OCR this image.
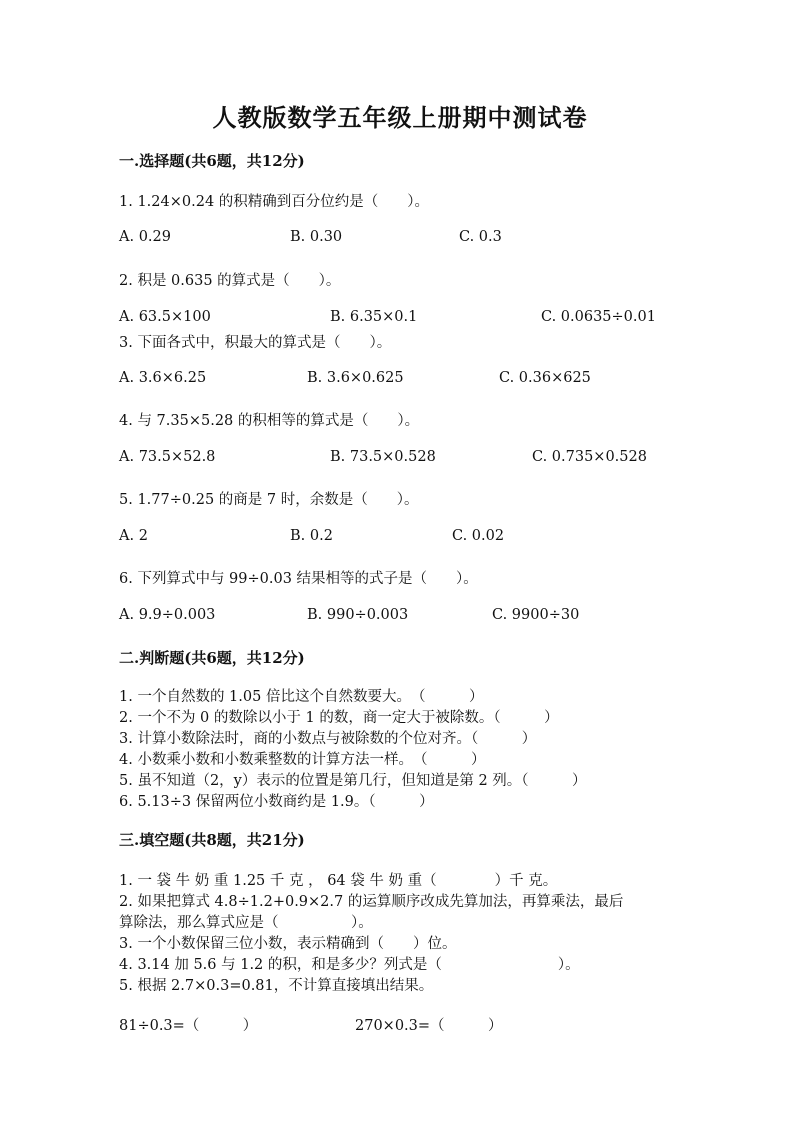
人教版数学五年级上册期中测试卷
一.选择题(共6题，共12分)
1. 1.24×0.24 的积精确到百分位约是（　　）。
A. 0.29	B. 0.30	C. 0.3
2. 积是 0.635 的算式是（　　）。
A. 63.5×100	B. 6.35×0.1	C. 0.0635÷0.01
3. 下面各式中，积最大的算式是（　　）。
A. 3.6×6.25	B. 3.6×0.625	C. 0.36×625
4. 与 7.35×5.28 的积相等的算式是（　　）。
A. 73.5×52.8	B. 73.5×0.528	C. 0.735×0.528
5. 1.77÷0.25 的商是 7 时，余数是（　　）。
A. 2	B. 0.2	C. 0.02
6. 下列算式中与 99÷0.03 结果相等的式子是（　　）。
A. 9.9÷0.003	B. 990÷0.003	C. 9900÷30
二.判断题(共6题，共12分)
1. 一个自然数的 1.05 倍比这个自然数要大。　（　　　）
2. 一个不为 0 的数除以小于 1 的数，商一定大于被除数。（　　　）
3. 计算小数除法时，商的小数点与被除数的个位对齐。（　　　）
4. 小数乘小数和小数乘整数的计算方法一样。　（　　　）
5. 虽不知道（2，y）表示的位置是第几行，但知道是第 2 列。（　　　）
6. 5.13÷3 保留两位小数商约是 1.9。（　　　）
三.填空题(共8题，共21分)
1. 一 袋 牛 奶 重 1.25 千 克 ， 64 袋 牛 奶 重（　　　　）千 克。
2. 如果把算式 4.8÷1.2+0.9×2.7 的运算顺序改成先算加法，再算乘法，最后
算除法，那么算式应是（　　　　　）。
3. 一个小数保留三位小数，表示精确到（　　）位。
4. 3.14 加 5.6 与 1.2 的积，和是多少？列式是（　　　　　　　　）。
5. 根据 2.7×0.3=0.81，不计算直接填出结果。
81÷0.3=（　　　）	270×0.3=（　　　）
